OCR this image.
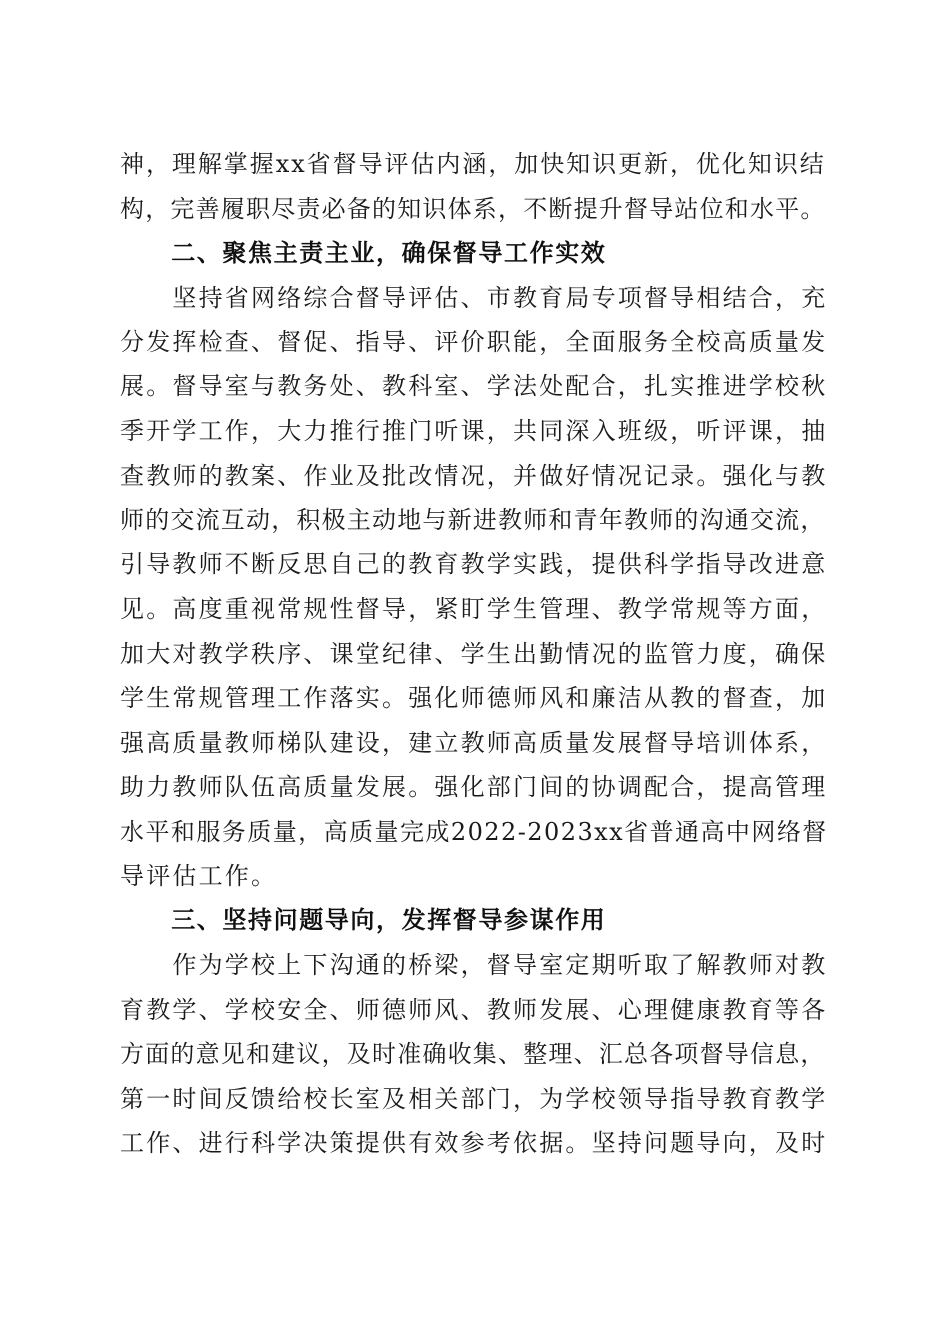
神，理解掌握xx省督导评估内涵，加快知识更新，优化知识结
构，完善履职尽责必备的知识体系，不断提升督导站位和水平。
　　二、聚焦主责主业，确保督导工作实效
　　坚持省网络综合督导评估、市教育局专项督导相结合，充
分发挥检查、督促、指导、评价职能，全面服务全校高质量发
展。督导室与教务处、教科室、学法处配合，扎实推进学校秋
季开学工作，大力推行推门听课，共同深入班级，听评课，抽
查教师的教案、作业及批改情况，并做好情况记录。强化与教
师的交流互动，积极主动地与新进教师和青年教师的沟通交流，
引导教师不断反思自己的教育教学实践，提供科学指导改进意
见。高度重视常规性督导，紧盯学生管理、教学常规等方面，
加大对教学秩序、课堂纪律、学生出勤情况的监管力度，确保
学生常规管理工作落实。强化师德师风和廉洁从教的督查，加
强高质量教师梯队建设，建立教师高质量发展督导培训体系，
助力教师队伍高质量发展。强化部门间的协调配合，提高管理
水平和服务质量，高质量完成2022-2023xx省普通高中网络督
导评估工作。
　　三、坚持问题导向，发挥督导参谋作用
　　作为学校上下沟通的桥梁，督导室定期听取了解教师对教
育教学、学校安全、师德师风、教师发展、心理健康教育等各
方面的意见和建议，及时准确收集、整理、汇总各项督导信息，
第一时间反馈给校长室及相关部门，为学校领导指导教育教学
工作、进行科学决策提供有效参考依据。坚持问题导向，及时
